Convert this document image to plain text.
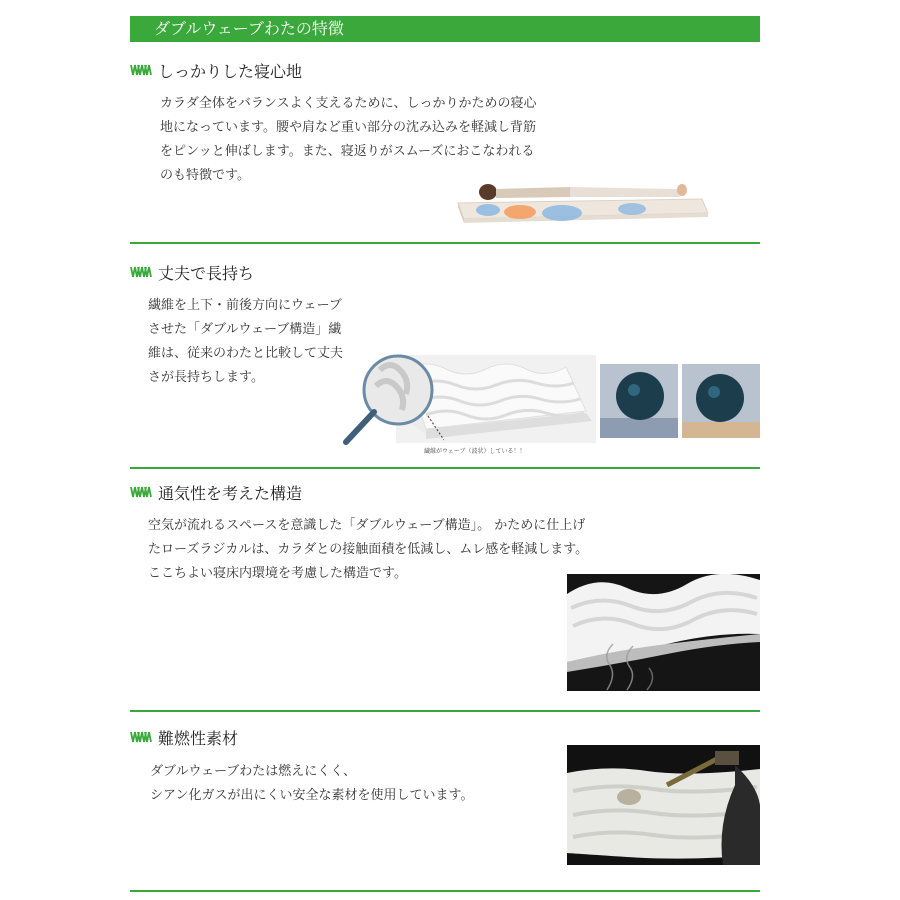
ダブルウェーブわたの特徴
しっかりした寝心地
カラダ全体をバランスよく支えるために、しっかりかための寝心
地になっています。腰や肩など重い部分の沈み込みを軽減し背筋
をピンッと伸ばします。また、寝返りがスムーズにおこなわれる
のも特徴です。
丈夫で長持ち
繊維を上下・前後方向にウェーブ
させた「ダブルウェーブ構造」繊
維は、従来のわたと比較して丈夫
さが長持ちします。
繊維がウェーブ（波状）している！！
通気性を考えた構造
空気が流れるスペースを意識した「ダブルウェーブ構造」。 かために仕上げ
たローズラジカルは、カラダとの接触面積を低減し、ムレ感を軽減します。
ここちよい寝床内環境を考慮した構造です。
難燃性素材
ダブルウェーブわたは燃えにくく、
シアン化ガスが出にくい安全な素材を使用しています。
